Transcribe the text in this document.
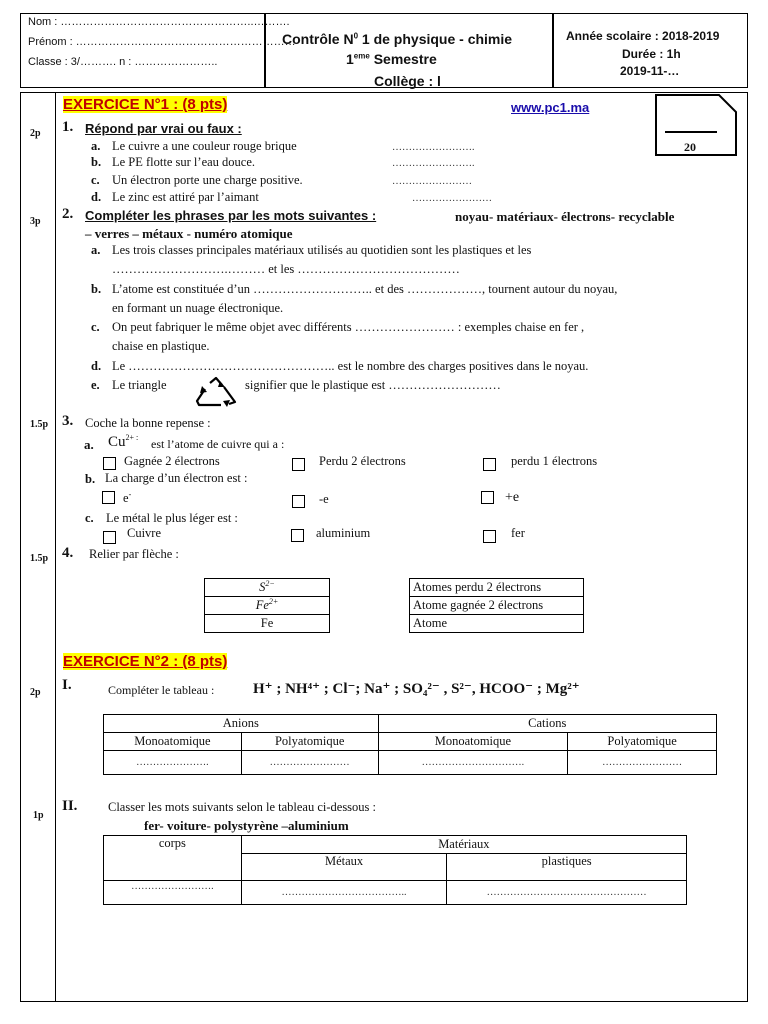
Nom : ……………………………………………..……….
Prénom : ……………………………………………………
Classe : 3/………. n : …………………..
Contrôle $N^0$ 1 de physique - chimie
1eme Semestre
Collège : l
Année scolaire : 2018-2019
Durée : 1h
2019-11-…
20
EXERCICE N°1 : (8 pts)	www.pc1.ma
2p 1. Répond par vrai ou faux :
a. Le cuivre a une couleur rouge brique	…………………….
b. Le PE flotte sur l’eau douce.	…………………….
c. Un électron porte une charge positive.	……………………
d. Le zinc est attiré par l’aimant	……………………
3p 2. Compléter les phrases par les mots suivantes :	noyau- matériaux- électrons- recyclable
– verres – métaux - numéro atomique
a. Les trois classes principales matériaux utilisés au quotidien sont les plastiques et les
……………………….……… et les …………………………………
b. L’atome est constituée d’un ……………………….. et des ………………, tournent autour du noyau,
en formant un nuage électronique.
c. On peut fabriquer le même objet avec différents …………………… : exemples chaise en fer ,
chaise en plastique.
d. Le ………………………………………….. est le nombre des charges positives dans le noyau.
e. Le triangle	signifier que le plastique est ………………………
1.5p 3. Coche la bonne repense :
a. $Cu^{2+ :}$ est l’atome de cuivre qui a :
Gagnée 2 électrons	Perdu 2 électrons	perdu 1 électrons
b. La charge d’un électron est :
e-	-e	+e
c. Le métal le plus léger est :
Cuivre	aluminium	fer
1.5p 4. Relier par flèche :
$S^{2-}$
$Fe^{2+}$
Fe
Atomes perdu 2 électrons
Atome gagnée 2 électrons
Atome
EXERCICE N°2 : (8 pts)
2p I.	Compléter le tableau :	H⁺ ; NH⁴⁺ ; Cl⁻; Na⁺ ; SO₄²⁻ , S²⁻, HCOO⁻ ; Mg²⁺
Anions		Cations	
Monoatomique	Polyatomique	Monoatomique	Polyatomique
………………….	……………………	………………………….	……………………
1p
II. Classer les mots suivants selon le tableau ci-dessous :
fer- voiture- polystyrène –aluminium
corps	Matériaux	
	Métaux	plastiques
…………………….	………………………………..	…………………………………………
